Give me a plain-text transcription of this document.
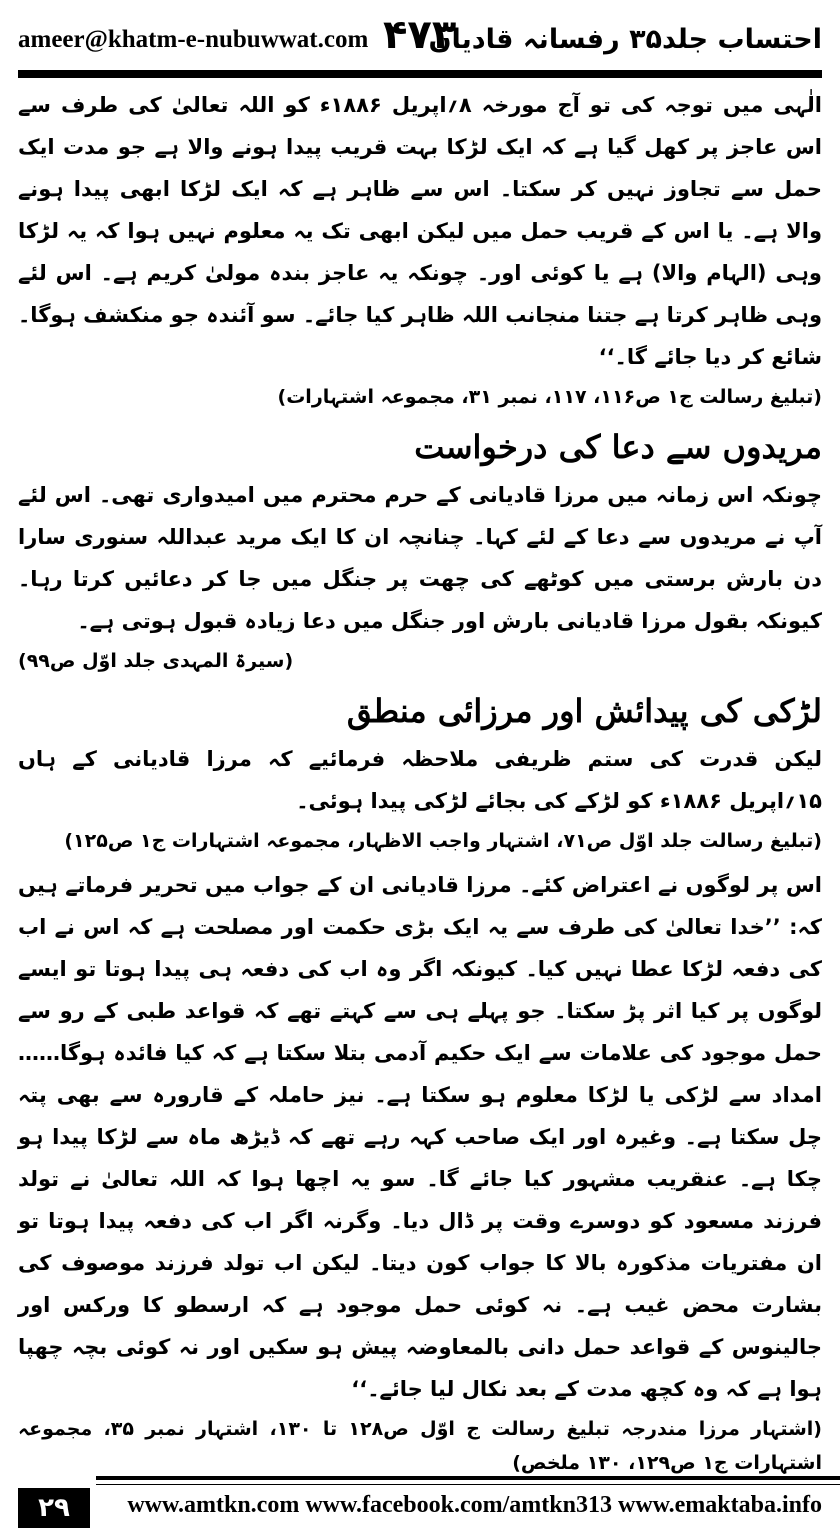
ameer@khatm-e-nubuwwat.com ۴۷۳
احتساب جلد۳۵ رفسانہ قادیان

الٰہی میں توجہ کی تو آج مورخہ ۸؍اپریل ۱۸۸۶ء کو اللہ تعالیٰ کی طرف سے اس عاجز پر کھل گیا ہے کہ ایک لڑکا بہت قریب پیدا ہونے والا ہے جو مدت ایک حمل سے تجاوز نہیں کر سکتا۔ اس سے ظاہر ہے کہ ایک لڑکا ابھی پیدا ہونے والا ہے۔ یا اس کے قریب حمل میں لیکن ابھی تک یہ معلوم نہیں ہوا کہ یہ لڑکا وہی (الہام والا) ہے یا کوئی اور۔ چونکہ یہ عاجز بندہ مولیٰ کریم ہے۔ اس لئے وہی ظاہر کرتا ہے جتنا منجانب اللہ ظاہر کیا جائے۔ سو آئندہ جو منکشف ہوگا۔ شائع کر دیا جائے گا۔‘‘

(تبلیغ رسالت ج۱ ص۱۱۶، ۱۱۷، نمبر ۳۱، مجموعہ اشتہارات)
مریدوں سے دعا کی درخواست

چونکہ اس زمانہ میں مرزا قادیانی کے حرم محترم میں امیدواری تھی۔ اس لئے آپ نے مریدوں سے دعا کے لئے کہا۔ چنانچہ ان کا ایک مرید عبداللہ سنوری سارا دن بارش برستی میں کوٹھے کی چھت پر جنگل میں جا کر دعائیں کرتا رہا۔ کیونکہ بقول مرزا قادیانی بارش اور جنگل میں دعا زیادہ قبول ہوتی ہے۔

(سیرۃ المہدی جلد اوّل ص۹۹)
لڑکی کی پیدائش اور مرزائی منطق

لیکن قدرت کی ستم ظریفی ملاحظہ فرمائیے کہ مرزا قادیانی کے ہاں ۱۵؍اپریل ۱۸۸۶ء کو لڑکے کی بجائے لڑکی پیدا ہوئی۔

(تبلیغ رسالت جلد اوّل ص۷۱، اشتہار واجب الاظہار، مجموعہ اشتہارات ج۱ ص۱۲۵)

اس پر لوگوں نے اعتراض کئے۔ مرزا قادیانی ان کے جواب میں تحریر فرماتے ہیں کہ: ’’خدا تعالیٰ کی طرف سے یہ ایک بڑی حکمت اور مصلحت ہے کہ اس نے اب کی دفعہ لڑکا عطا نہیں کیا۔ کیونکہ اگر وہ اب کی دفعہ ہی پیدا ہوتا تو ایسے لوگوں پر کیا اثر پڑ سکتا۔ جو پہلے ہی سے کہتے تھے کہ قواعد طبی کے رو سے حمل موجود کی علامات سے ایک حکیم آدمی بتلا سکتا ہے کہ کیا فائدہ ہوگا…… امداد سے لڑکی یا لڑکا معلوم ہو سکتا ہے۔ نیز حاملہ کے قارورہ سے بھی پتہ چل سکتا ہے۔ وغیرہ اور ایک صاحب کہہ رہے تھے کہ ڈیڑھ ماہ سے لڑکا پیدا ہو چکا ہے۔ عنقریب مشہور کیا جائے گا۔ سو یہ اچھا ہوا کہ اللہ تعالیٰ نے تولد فرزند مسعود کو دوسرے وقت پر ڈال دیا۔ وگرنہ اگر اب کی دفعہ پیدا ہوتا تو ان مفتریات مذکورہ بالا کا جواب کون دیتا۔ لیکن اب تولد فرزند موصوف کی بشارت محض غیب ہے۔ نہ کوئی حمل موجود ہے کہ ارسطو کا ورکس اور جالینوس کے قواعد حمل دانی بالمعاوضہ پیش ہو سکیں اور نہ کوئی بچہ چھپا ہوا ہے کہ وہ کچھ مدت کے بعد نکال لیا جائے۔‘‘

(اشتہار مرزا مندرجہ تبلیغ رسالت ج اوّل ص۱۲۸ تا ۱۳۰، اشتہار نمبر ۳۵، مجموعہ اشتہارات ج۱ ص۱۲۹، ۱۳۰ ملخص)
۲۹	www.amtkn.com www.facebook.com/amtkn313 www.emaktaba.info
